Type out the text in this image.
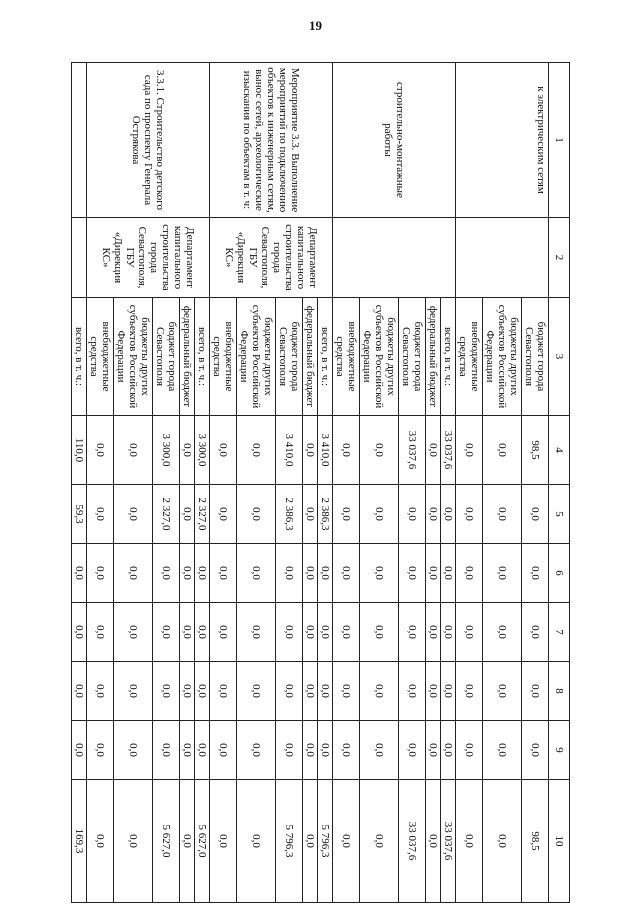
19
1	2	3	4	5	6	7	8	9	10
к электрическим сетям		бюджет города Севастополя	98,5	0,0	0,0	0,0	0,0	0,0	98,5
		бюджеты других субъектов Российской Федерации	0,0	0,0	0,0	0,0	0,0	0,0	0,0
		внебюджетные средства	0,0	0,0	0,0	0,0	0,0	0,0	0,0
строительно-монтажные работы		всего, в т. ч.:	33 037,6	0,0	0,0	0,0	0,0	0,0	33 037,6
		федеральный бюджет	0,0	0,0	0,0	0,0	0,0	0,0	0,0
		бюджет города Севастополя	33 037,6	0,0	0,0	0,0	0,0	0,0	33 037,6
		бюджеты других субъектов Российской Федерации	0,0	0,0	0,0	0,0	0,0	0,0	0,0
		внебюджетные средства	0,0	0,0	0,0	0,0	0,0	0,0	0,0
Мероприятие 3.3. Выполнение мероприятий по подключению объектов к инженерным сетям, вынос сетей, археологические изыскания по объектам в т. ч:	Департамент капитального строительства города Севастополя, ГБУ «Дирекция КС»	всего, в т. ч.:	3 410,0	2 386,3	0,0	0,0	0,0	0,0	5 796,3
		федеральный бюджет	0,0	0,0	0,0	0,0	0,0	0,0	0,0
		бюджет города Севастополя	3 410,0	2 386,3	0,0	0,0	0,0	0,0	5 796,3
		бюджеты других субъектов Российской Федерации	0,0	0,0	0,0	0,0	0,0	0,0	0,0
		внебюджетные средства	0,0	0,0	0,0	0,0	0,0	0,0	0,0
3.3.1. Строительство детского сада по проспекту Генерала Острякова	Департамент капитального строительства города Севастополя, ГБУ «Дирекция КС»	всего, в т. ч.:	3 300,0	2 327,0	0,0	0,0	0,0	0,0	5 627,0
		федеральный бюджет	0,0	0,0	0,0	0,0	0,0	0,0	0,0
		бюджет города Севастополя	3 300,0	2 327,0	0,0	0,0	0,0	0,0	5 627,0
		бюджеты других субъектов Российской Федерации	0,0	0,0	0,0	0,0	0,0	0,0	0,0
		внебюджетные средства	0,0	0,0	0,0	0,0	0,0	0,0	0,0
		всего, в т. ч.:	110,0	59,3	0,0	0,0	0,0	0,0	169,3
